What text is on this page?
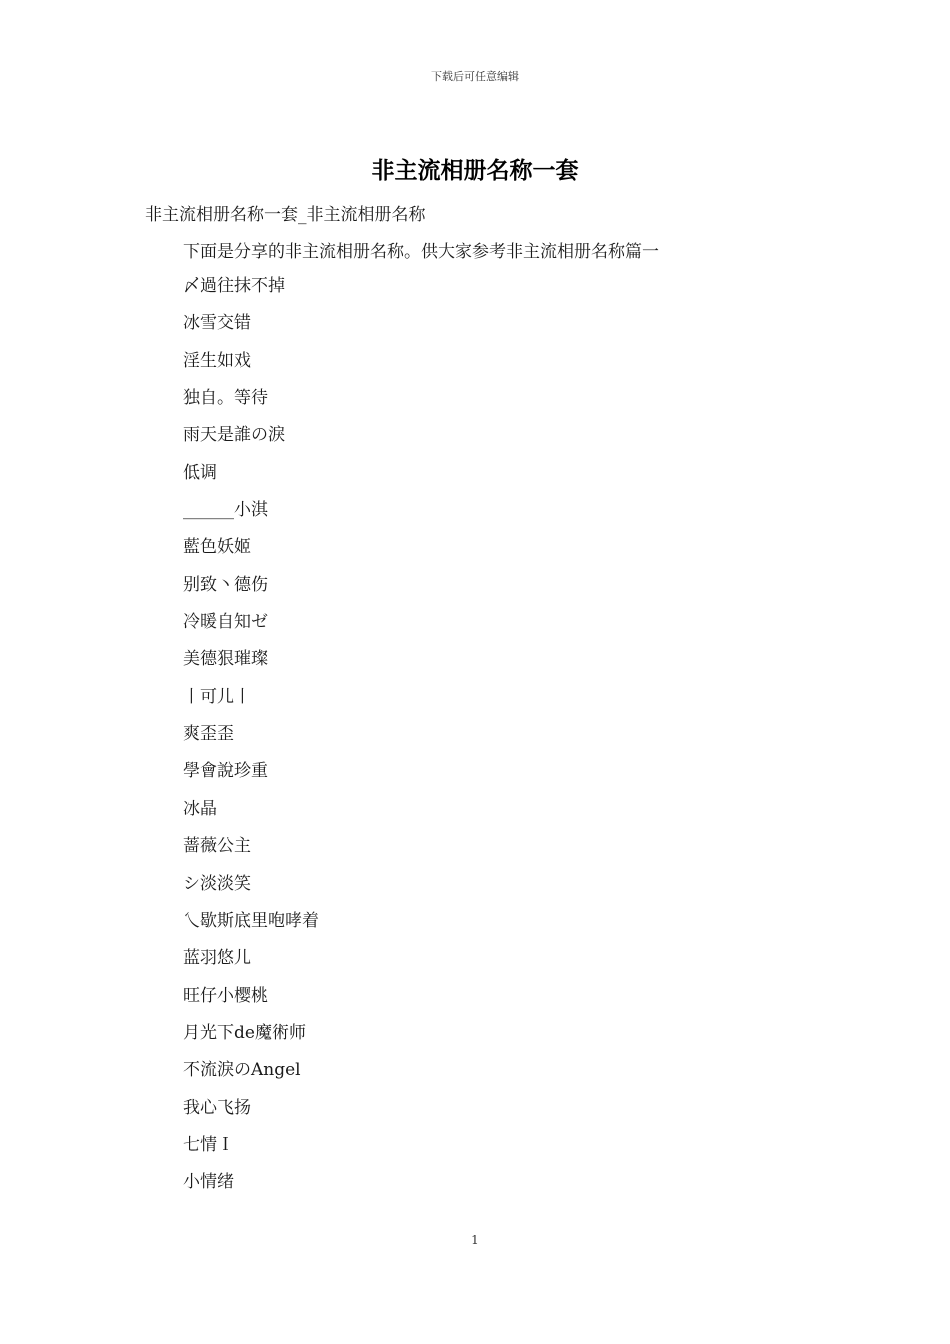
下载后可任意编辑
非主流相册名称一套
非主流相册名称一套_非主流相册名称
下面是分享的非主流相册名称。供大家参考非主流相册名称篇一
〆過往抹不掉
冰雪交错
淫生如戏
独自。等待
雨天是誰の淚
低调
______小淇
藍色妖姬
别致丶德伤
冷暖自知ゼ
美德狠璀璨
丨可儿丨
爽歪歪
學會說珍重
冰晶
蔷薇公主
シ淡淡笑
乀歇斯底里咆哮着
蓝羽悠儿
旺仔小樱桃
月光下de魔術师
不流淚のAngel
我心飞扬
七情Ｉ
小情绪
1
